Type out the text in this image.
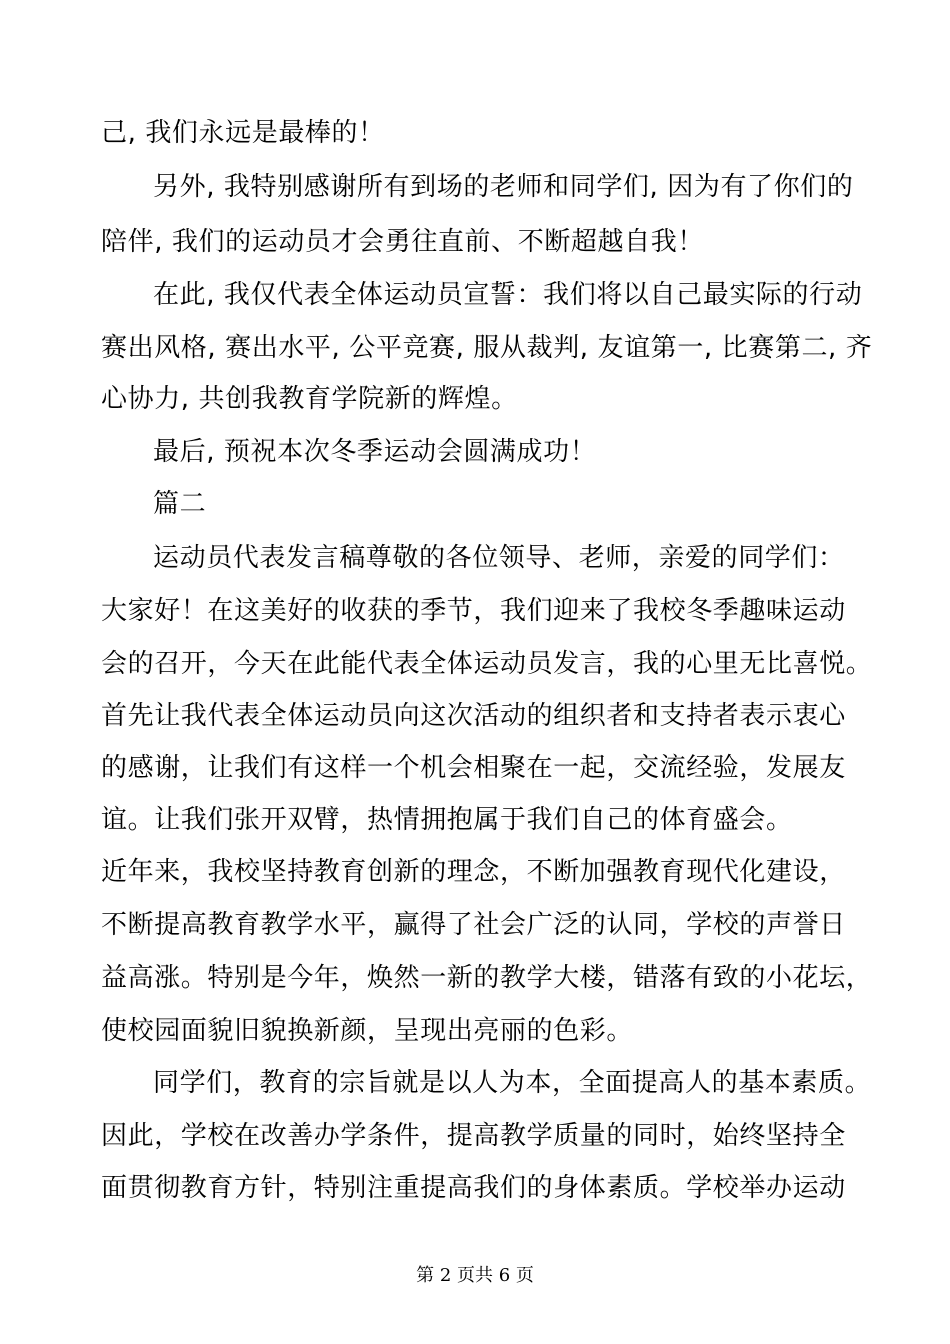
己, 我们永远是最棒的！
另外, 我特别感谢所有到场的老师和同学们, 因为有了你们的
陪伴, 我们的运动员才会勇往直前、不断超越自我！
在此, 我仅代表全体运动员宣誓：我们将以自己最实际的行动
赛出风格, 赛出水平, 公平竞赛, 服从裁判, 友谊第一, 比赛第二, 齐
心协力, 共创我教育学院新的辉煌。
最后, 预祝本次冬季运动会圆满成功！
篇二
运动员代表发言稿尊敬的各位领导、老师，亲爱的同学们：
大家好！在这美好的收获的季节，我们迎来了我校冬季趣味运动
会的召开，今天在此能代表全体运动员发言，我的心里无比喜悦。
首先让我代表全体运动员向这次活动的组织者和支持者表示衷心
的感谢，让我们有这样一个机会相聚在一起，交流经验，发展友
谊。让我们张开双臂，热情拥抱属于我们自己的体育盛会。
近年来，我校坚持教育创新的理念，不断加强教育现代化建设，
不断提高教育教学水平，赢得了社会广泛的认同，学校的声誉日
益高涨。特别是今年，焕然一新的教学大楼，错落有致的小花坛，
使校园面貌旧貌换新颜，呈现出亮丽的色彩。
同学们，教育的宗旨就是以人为本，全面提高人的基本素质。
因此，学校在改善办学条件，提高教学质量的同时，始终坚持全
面贯彻教育方针，特别注重提高我们的身体素质。学校举办运动
第 2 页共 6 页
